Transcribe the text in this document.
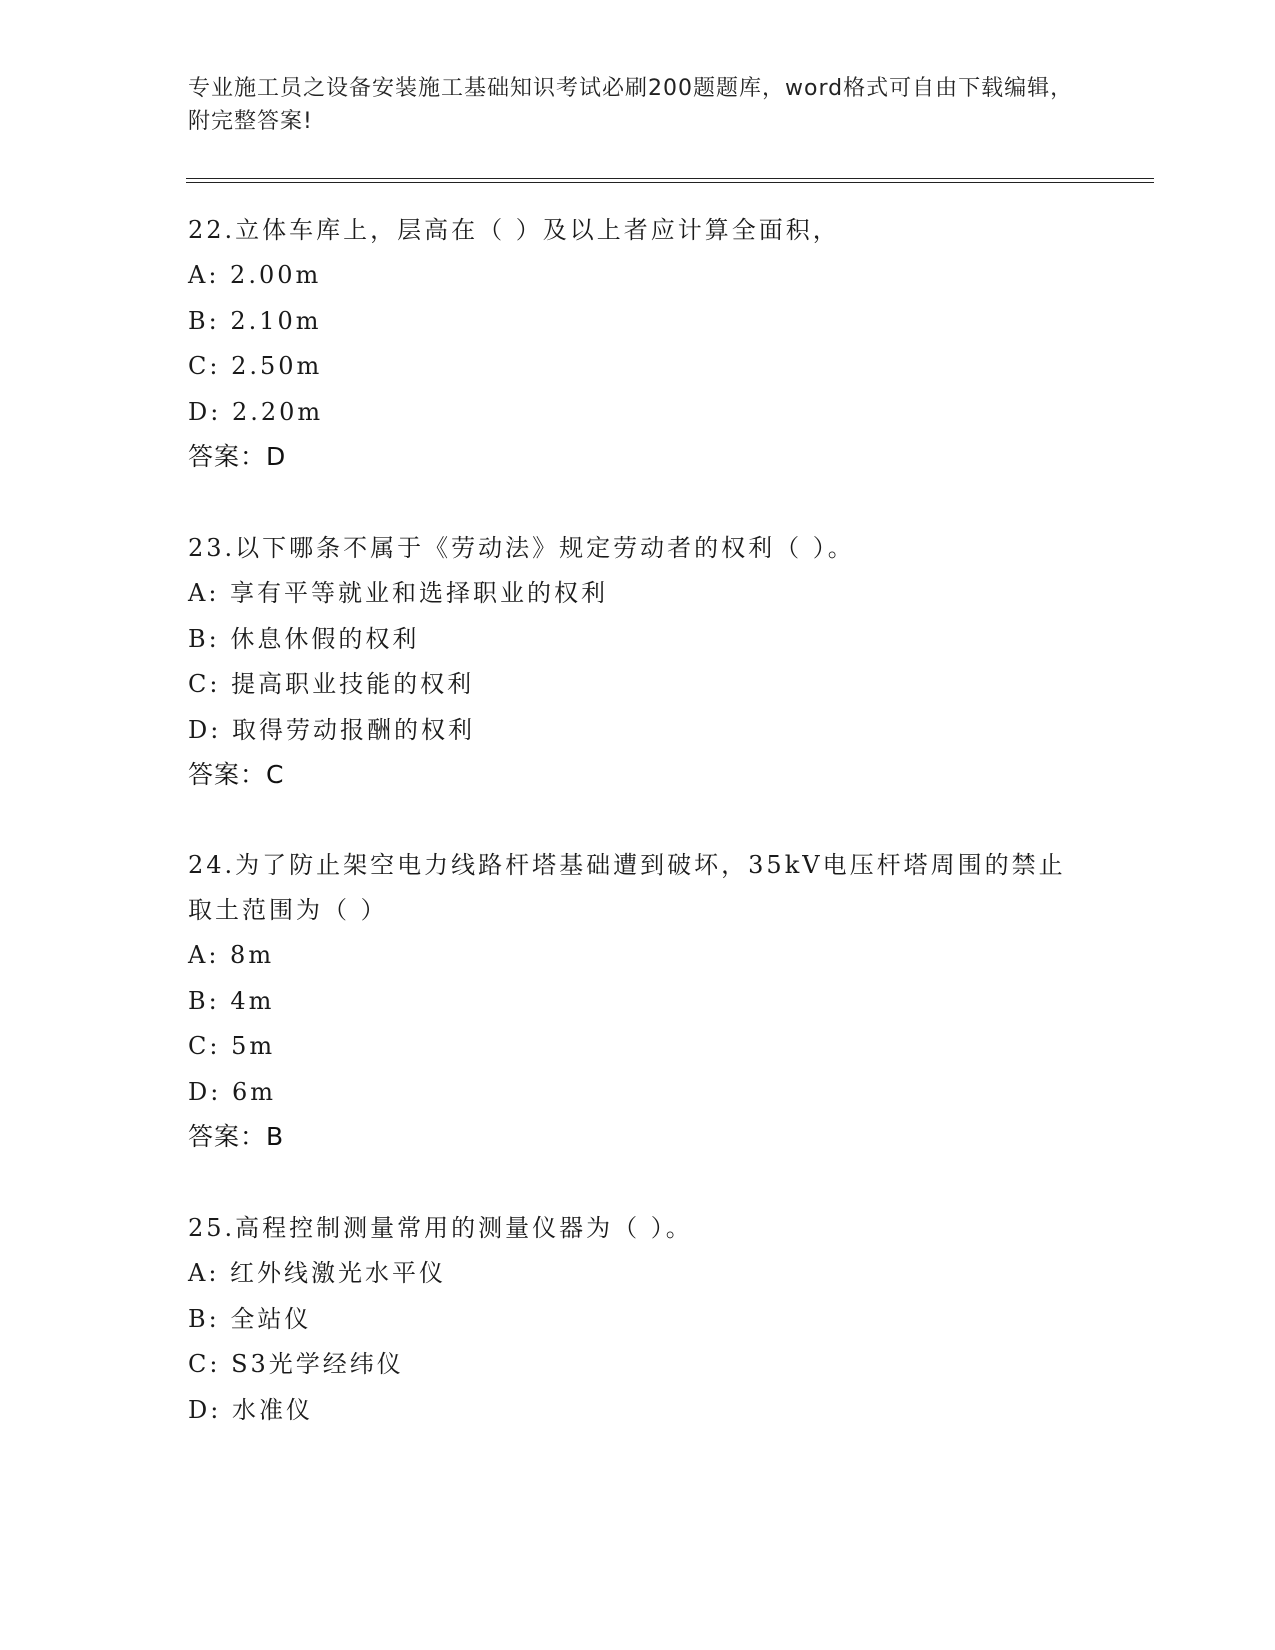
专业施工员之设备安装施工基础知识考试必刷200题题库，word格式可自由下载编辑，附完整答案!
22.立体车库上，层高在（ ）及以上者应计算全面积，
A: 2.00m
B: 2.10m
C: 2.50m
D: 2.20m
答案：D
23.以下哪条不属于《劳动法》规定劳动者的权利（ ）。
A: 享有平等就业和选择职业的权利
B: 休息休假的权利
C: 提高职业技能的权利
D: 取得劳动报酬的权利
答案：C
24.为了防止架空电力线路杆塔基础遭到破坏，35kV电压杆塔周围的禁止取土范围为（ ）
A: 8m
B: 4m
C: 5m
D: 6m
答案：B
25.高程控制测量常用的测量仪器为（ ）。
A: 红外线激光水平仪
B: 全站仪
C: S3光学经纬仪
D: 水准仪
